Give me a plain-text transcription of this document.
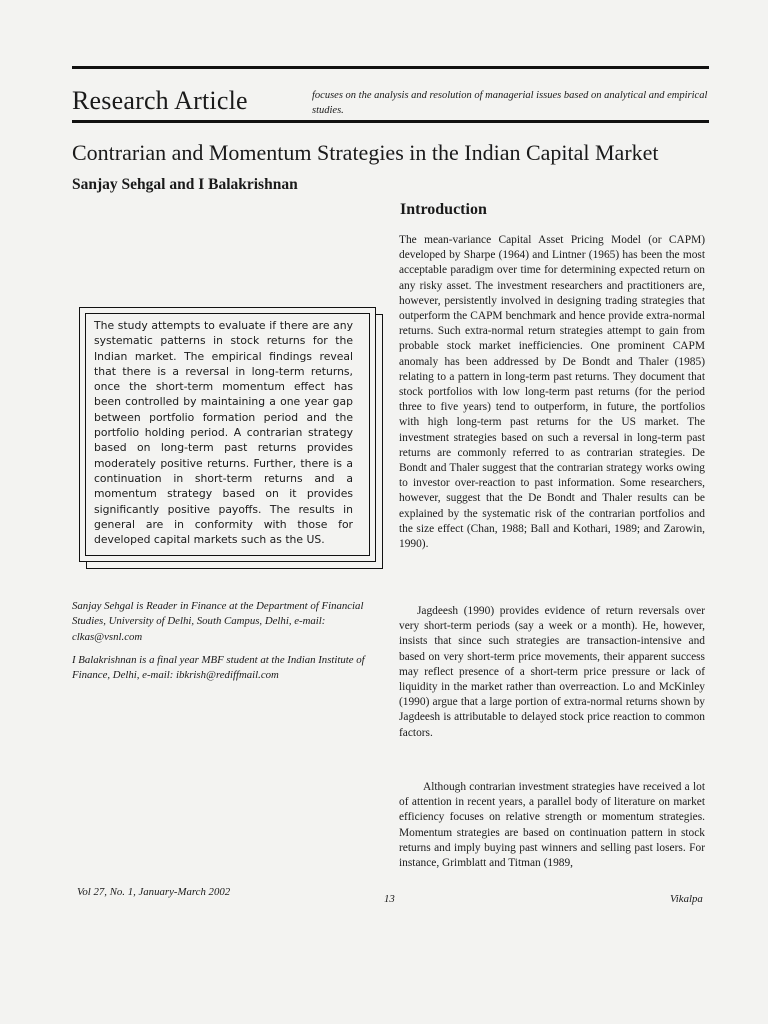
Research Article	focuses on the analysis and resolution of managerial issues based on analytical and empirical studies.
Contrarian and Momentum Strategies in the Indian Capital Market
Sanjay Sehgal and I Balakrishnan
The study attempts to evaluate if there are any systematic patterns in stock returns for the Indian market. The empirical findings reveal that there is a reversal in long-term returns, once the short-term momentum effect has been controlled by maintaining a one year gap between portfolio formation period and the portfolio holding period. A contrarian strategy based on long-term past returns provides moderately positive returns. Further, there is a continuation in short-term returns and a momentum strategy based on it provides significantly positive payoffs. The results in general are in conformity with those for developed capital markets such as the US.
Sanjay Sehgal is Reader in Finance at the Department of Financial Studies, University of Delhi, South Campus, Delhi, e-mail: clkas@vsnl.com
I Balakrishnan is a final year MBF student at the Indian Institute of Finance, Delhi, e-mail: ibkrish@rediffmail.com
Introduction
The mean-variance Capital Asset Pricing Model (or CAPM) developed by Sharpe (1964) and Lintner (1965) has been the most acceptable paradigm over time for determining expected return on any risky asset. The investment researchers and practitioners are, however, persistently involved in designing trading strategies that outperform the CAPM benchmark and hence provide extra-normal returns. Such extra-normal return strategies attempt to gain from probable stock market inefficiencies. One prominent CAPM anomaly has been addressed by De Bondt and Thaler (1985) relating to a pattern in long-term past returns. They document that stock portfolios with low long-term past returns (for the period three to five years) tend to outperform, in future, the portfolios with high long-term past returns for the US market. The investment strategies based on such a reversal in long-term past returns are commonly referred to as contrarian strategies. De Bondt and Thaler suggest that the contrarian strategy works owing to investor over-reaction to past information. Some researchers, however, suggest that the De Bondt and Thaler results can be explained by the systematic risk of the contrarian portfolios and the size effect (Chan, 1988; Ball and Kothari, 1989; and Zarowin, 1990).
Jagdeesh (1990) provides evidence of return reversals over very short-term periods (say a week or a month). He, however, insists that since such strategies are transaction-intensive and based on very short-term price movements, their apparent success may reflect presence of a short-term price pressure or lack of liquidity in the market rather than overreaction. Lo and McKinley (1990) argue that a large portion of extra-normal returns shown by Jagdeesh is attributable to delayed stock price reaction to common factors.
Although contrarian investment strategies have received a lot of attention in recent years, a parallel body of literature on market efficiency focuses on relative strength or momentum strategies. Momentum strategies are based on continuation pattern in stock returns and imply buying past winners and selling past losers. For instance, Grimblatt and Titman (1989,
Vol 27, No. 1, January-March 2002
13	Vikalpa
